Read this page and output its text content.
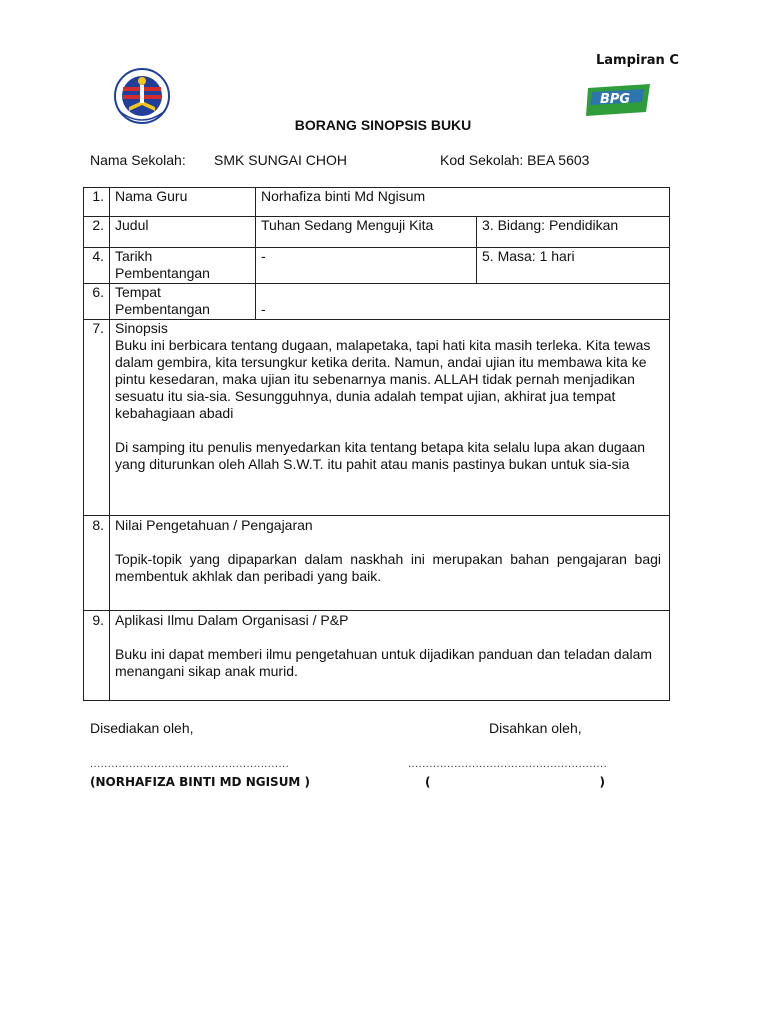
Lampiran C
BPG
BORANG SINOPSIS BUKU
Nama Sekolah: SMK SUNGAI CHOH	Kod Sekolah: BEA 5603
1.	Nama Guru	Norhafiza binti Md Ngisum	
2.	Judul	Tuhan Sedang Menguji Kita	3. Bidang: Pendidikan
4.	Tarikh Pembentangan	-	5. Masa: 1 hari
6.	Tempat Pembentangan	-	
7.	Sinopsis

Buku ini berbicara tentang dugaan, malapetaka, tapi hati kita masih terleka. Kita tewas dalam gembira, kita tersungkur ketika derita. Namun, andai ujian itu membawa kita ke pintu kesedaran, maka ujian itu sebenarnya manis. ALLAH tidak pernah menjadikan sesuatu itu sia-sia. Sesungguhnya, dunia adalah tempat ujian, akhirat jua tempat kebahagiaan abadi

Di samping itu penulis menyedarkan kita tentang betapa kita selalu lupa akan dugaan yang diturunkan oleh Allah S.W.T. itu pahit atau manis pastinya bukan untuk sia-sia		

8.	Nilai Pengetahuan / Pengajaran

Topik-topik yang dipaparkan dalam naskhah ini merupakan bahan pengajaran bagi membentuk akhlak dan peribadi yang baik.		

9.	Aplikasi Ilmu Dalam Organisasi / P&P

Buku ini dapat memberi ilmu pengetahuan untuk dijadikan panduan dan teladan dalam menangani sikap anak murid.		

Disediakan oleh,	Disahkan oleh,
........................................................	........................................................
(NORHAFIZA BINTI MD NGISUM )	(	)
